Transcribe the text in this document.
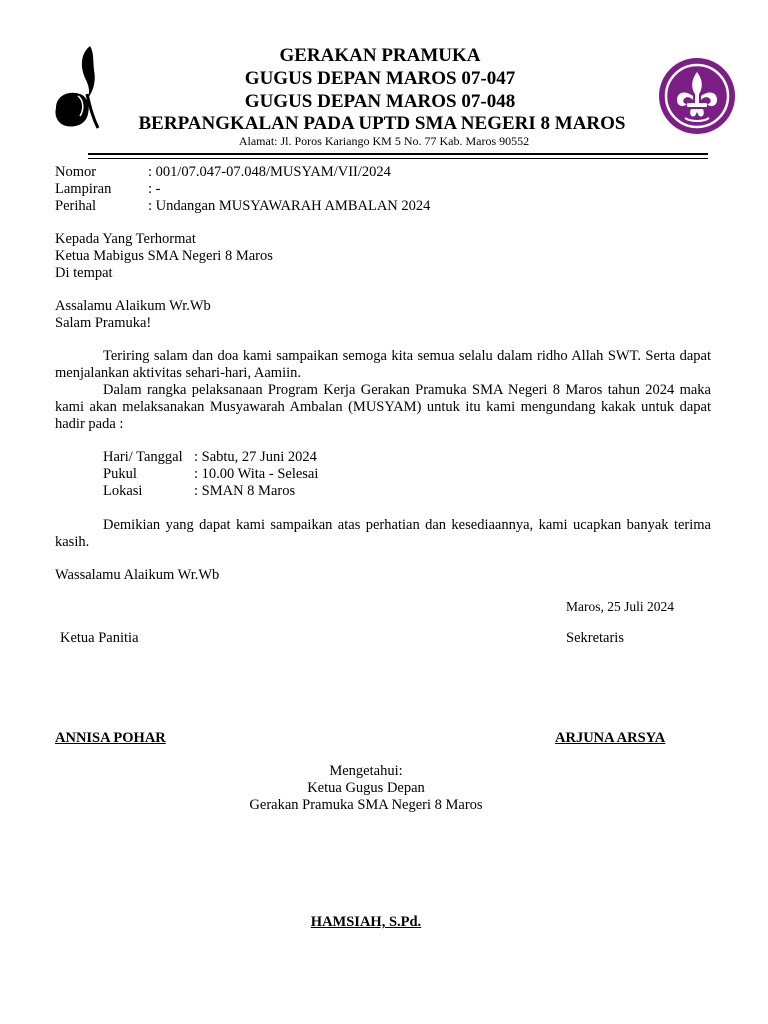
GERAKAN PRAMUKA
GUGUS DEPAN MAROS 07-047
GUGUS DEPAN MAROS 07-048
BERPANGKALAN PADA UPTD SMA NEGERI 8 MAROS
Alamat: Jl. Poros Kariango KM 5 No. 77 Kab. Maros 90552
Nomor	: 001/07.047-07.048/MUSYAM/VII/2024
Lampiran	: -
Perihal	: Undangan MUSYAWARAH AMBALAN 2024
Kepada Yang Terhormat
Ketua Mabigus SMA Negeri 8 Maros
Di tempat
Assalamu Alaikum Wr.Wb
Salam Pramuka!
Teriring salam dan doa kami sampaikan semoga kita semua selalu dalam ridho Allah SWT. Serta dapat menjalankan aktivitas sehari-hari, Aamiin.
Dalam rangka pelaksanaan Program Kerja Gerakan Pramuka SMA Negeri 8 Maros tahun 2024 maka kami akan melaksanakan Musyawarah Ambalan (MUSYAM) untuk itu kami mengundang kakak untuk dapat hadir pada :
Hari/ Tanggal : Sabtu, 27 Juni 2024
Pukul	: 10.00 Wita - Selesai
Lokasi	: SMAN 8 Maros
Demikian yang dapat kami sampaikan atas perhatian dan kesediaannya, kami ucapkan banyak terima kasih.
Wassalamu Alaikum Wr.Wb
Maros, 25 Juli 2024
Ketua Panitia	Sekretaris
ANNISA POHAR	ARJUNA ARSYA
Mengetahui:
Ketua Gugus Depan
Gerakan Pramuka SMA Negeri 8 Maros
HAMSIAH, S.Pd.
